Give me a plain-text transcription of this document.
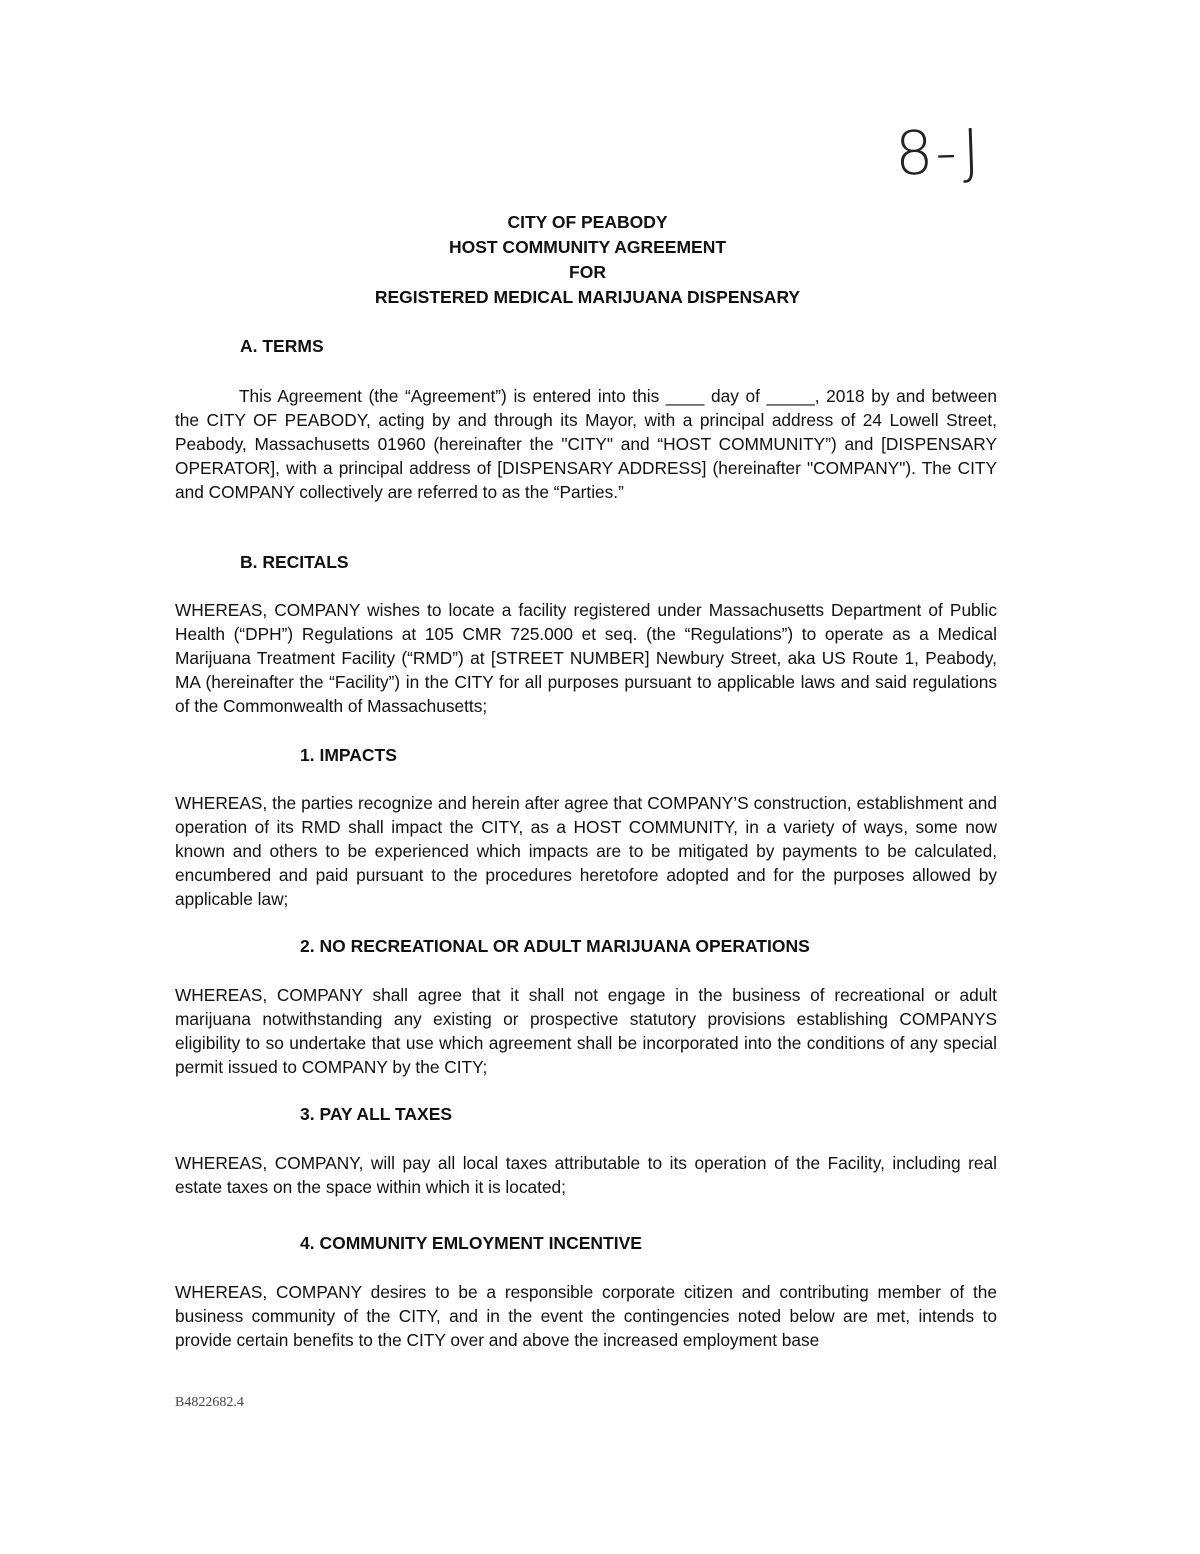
8-J
CITY OF PEABODY
HOST COMMUNITY AGREEMENT
FOR
REGISTERED MEDICAL MARIJUANA DISPENSARY
A. TERMS
This Agreement (the “Agreement”) is entered into this ____ day of _____, 2018 by and between the CITY OF PEABODY, acting by and through its Mayor, with a principal address of 24 Lowell Street, Peabody, Massachusetts 01960 (hereinafter the "CITY" and “HOST COMMUNITY”) and [DISPENSARY OPERATOR], with a principal address of [DISPENSARY ADDRESS] (hereinafter "COMPANY"). The CITY and COMPANY collectively are referred to as the “Parties.”
B. RECITALS
WHEREAS, COMPANY wishes to locate a facility registered under Massachusetts Department of Public Health (“DPH”) Regulations at 105 CMR 725.000 et seq. (the “Regulations”) to operate as a Medical Marijuana Treatment Facility (“RMD”) at [STREET NUMBER] Newbury Street, aka US Route 1, Peabody, MA (hereinafter the “Facility”) in the CITY for all purposes pursuant to applicable laws and said regulations of the Commonwealth of Massachusetts;
1. IMPACTS
WHEREAS, the parties recognize and herein after agree that COMPANY’S construction, establishment and operation of its RMD shall impact the CITY, as a HOST COMMUNITY, in a variety of ways, some now known and others to be experienced which impacts are to be mitigated by payments to be calculated, encumbered and paid pursuant to the procedures heretofore adopted and for the purposes allowed by applicable law;
2. NO RECREATIONAL OR ADULT MARIJUANA OPERATIONS
WHEREAS, COMPANY shall agree that it shall not engage in the business of recreational or adult marijuana notwithstanding any existing or prospective statutory provisions establishing COMPANYS eligibility to so undertake that use which agreement shall be incorporated into the conditions of any special permit issued to COMPANY by the CITY;
3. PAY ALL TAXES
WHEREAS, COMPANY, will pay all local taxes attributable to its operation of the Facility, including real estate taxes on the space within which it is located;
4. COMMUNITY EMLOYMENT INCENTIVE
WHEREAS, COMPANY desires to be a responsible corporate citizen and contributing member of the business community of the CITY, and in the event the contingencies noted below are met, intends to provide certain benefits to the CITY over and above the increased employment base
B4822682.4
